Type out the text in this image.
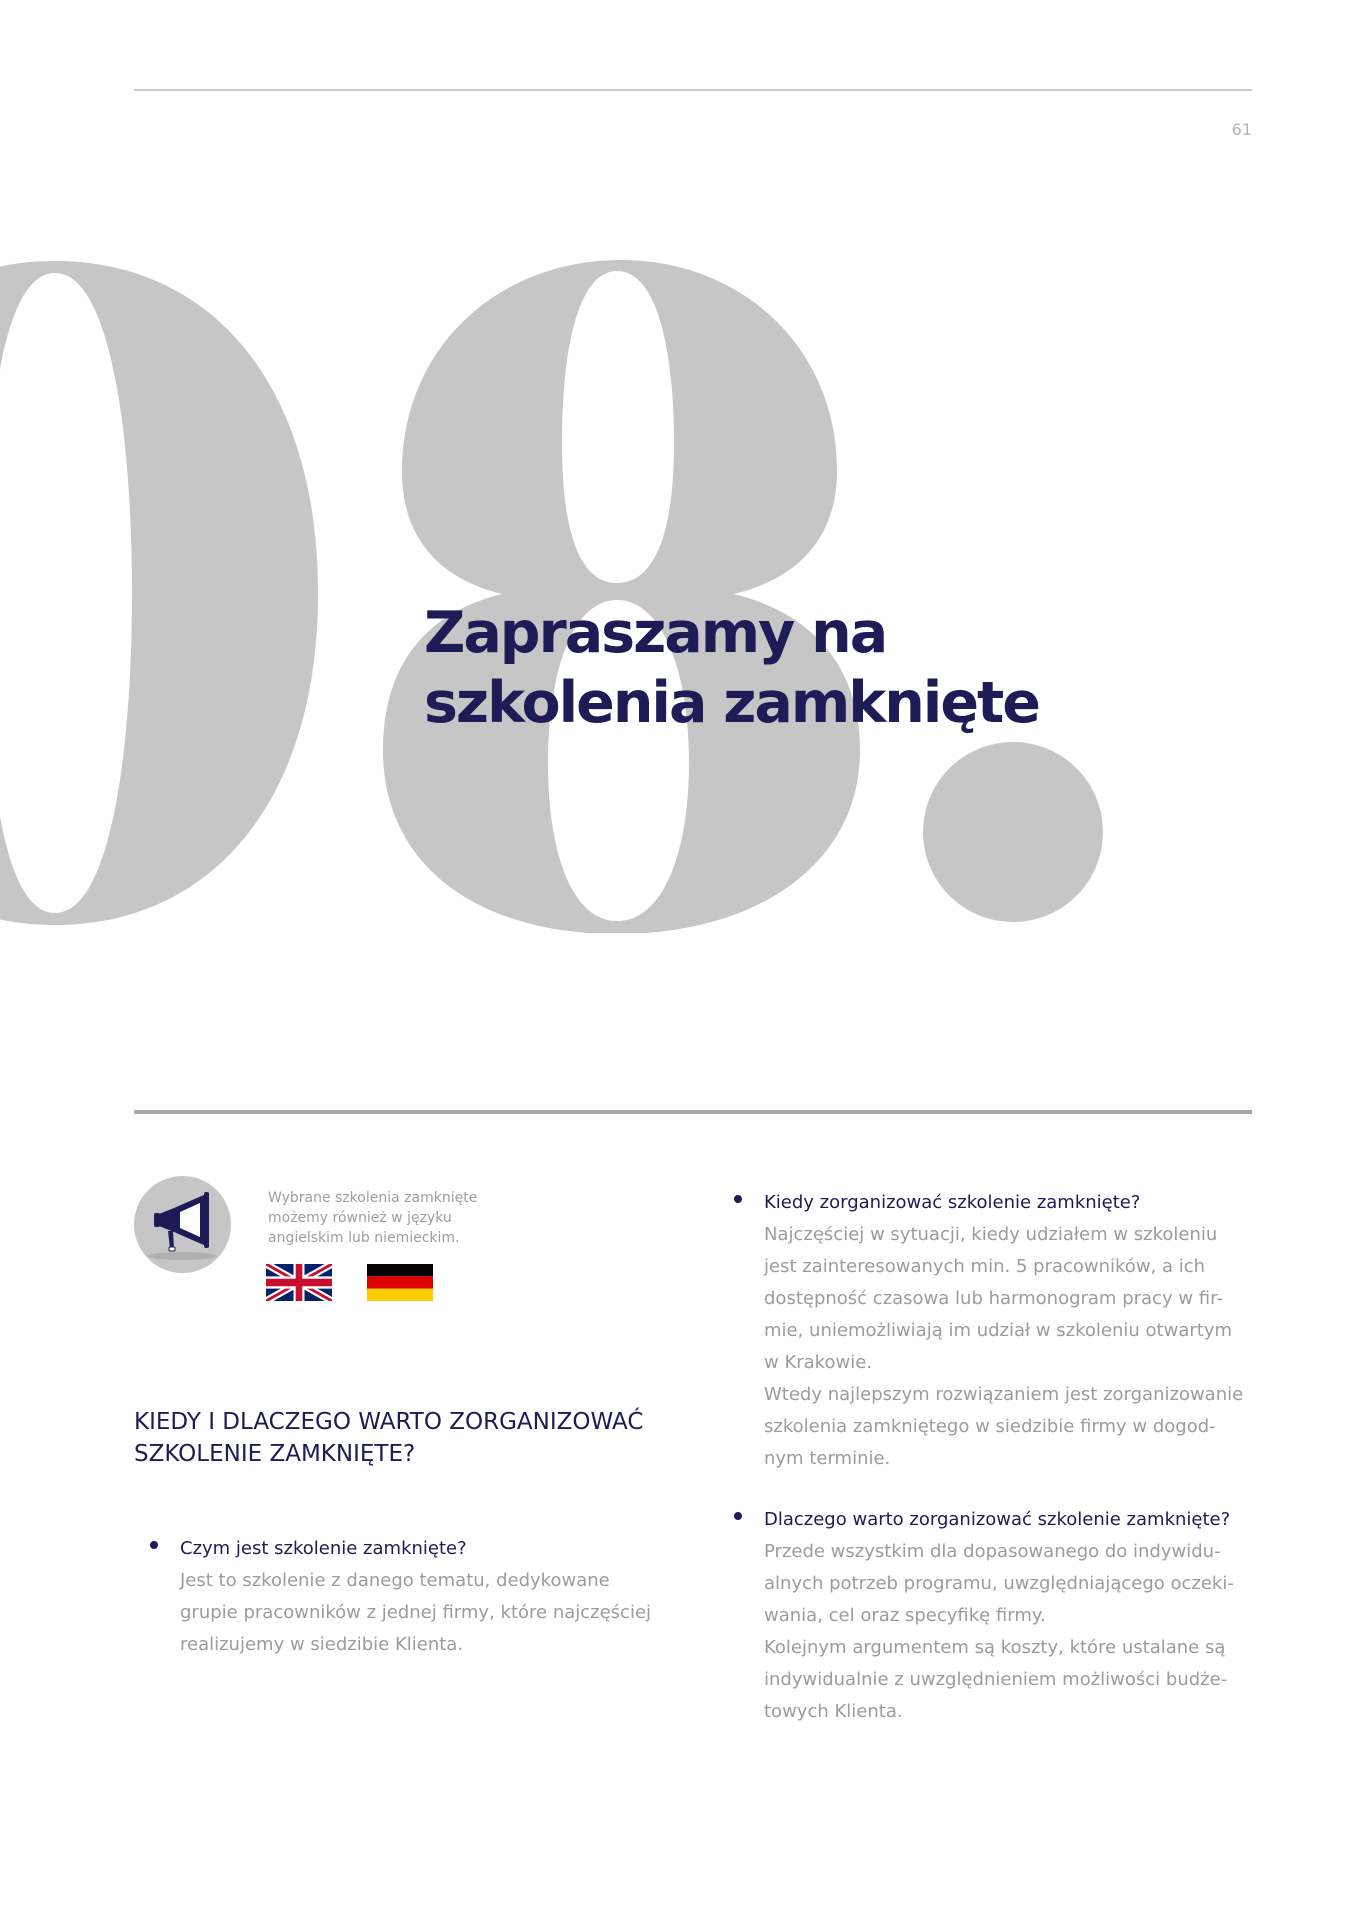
61
Zapraszamy na
szkolenia zamknięte

Wybrane szkolenia zamknięte możemy również w języku angielskim lub niemieckim.

KIEDY I DLACZEGO WARTO ZORGANIZOWAĆ
SZKOLENIE ZAMKNIĘTE?

Czym jest szkolenie zamknięte?

Jest to szkolenie z danego tematu, dedykowane
grupie pracowników z jednej firmy, które najczęściej
realizujemy w siedzibie Klienta.

Kiedy zorganizować szkolenie zamknięte?

Najczęściej w sytuacji, kiedy udziałem w szkoleniu
jest zainteresowanych min. 5 pracowników, a ich
dostępność czasowa lub harmonogram pracy w fir-
mie, uniemożliwiają im udział w szkoleniu otwartym
w Krakowie.
Wtedy najlepszym rozwiązaniem jest zorganizowanie
szkolenia zamkniętego w siedzibie firmy w dogod-
nym terminie.

Dlaczego warto zorganizować szkolenie zamknięte?

Przede wszystkim dla dopasowanego do indywidu-
alnych potrzeb programu, uwzględniającego oczeki-
wania, cel oraz specyfikę firmy.
Kolejnym argumentem są koszty, które ustalane są
indywidualnie z uwzględnieniem możliwości budże-
towych Klienta.
